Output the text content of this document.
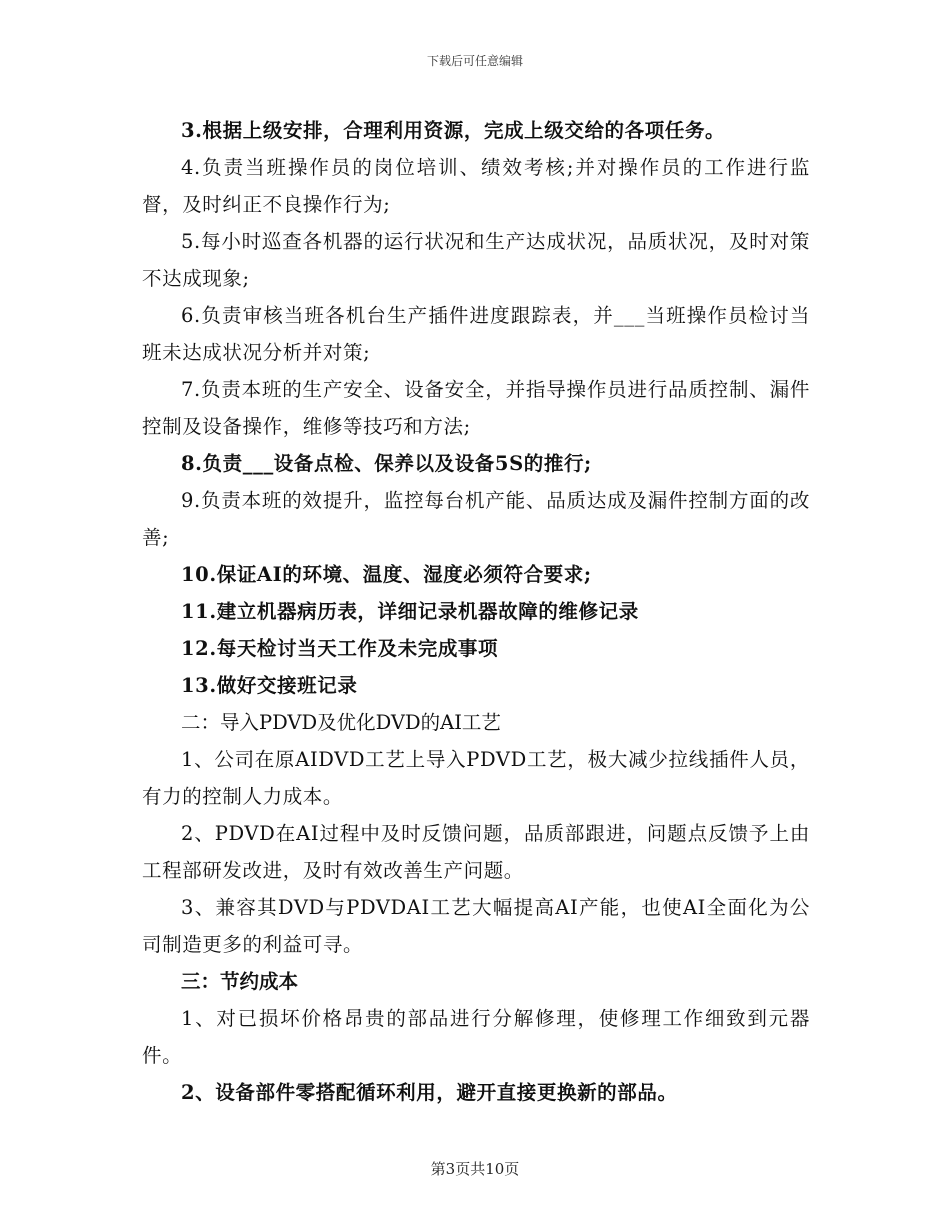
下载后可任意编辑

3.根据上级安排，合理利用资源，完成上级交给的各项任务。

4.负责当班操作员的岗位培训、绩效考核;并对操作员的工作进行监督，及时纠正不良操作行为;

5.每小时巡查各机器的运行状况和生产达成状况，品质状况，及时对策不达成现象;

6.负责审核当班各机台生产插件进度跟踪表，并___当班操作员检讨当班未达成状况分析并对策;

7.负责本班的生产安全、设备安全，并指导操作员进行品质控制、漏件控制及设备操作，维修等技巧和方法;

8.负责___设备点检、保养以及设备5S的推行;

9.负责本班的效提升，监控每台机产能、品质达成及漏件控制方面的改善;

10.保证AI的环境、温度、湿度必须符合要求;

11.建立机器病历表，详细记录机器故障的维修记录

12.每天检讨当天工作及未完成事项

13.做好交接班记录

二：导入PDVD及优化DVD的AI工艺

1、公司在原AIDVD工艺上导入PDVD工艺，极大减少拉线插件人员，有力的控制人力成本。

2、PDVD在AI过程中及时反馈问题，品质部跟进，问题点反馈予上由工程部研发改进，及时有效改善生产问题。

3、兼容其DVD与PDVDAI工艺大幅提高AI产能，也使AI全面化为公司制造更多的利益可寻。

三：节约成本

1、对已损坏价格昂贵的部品进行分解修理，使修理工作细致到元器件。

2、设备部件零搭配循环利用，避开直接更换新的部品。

第3页共10页
